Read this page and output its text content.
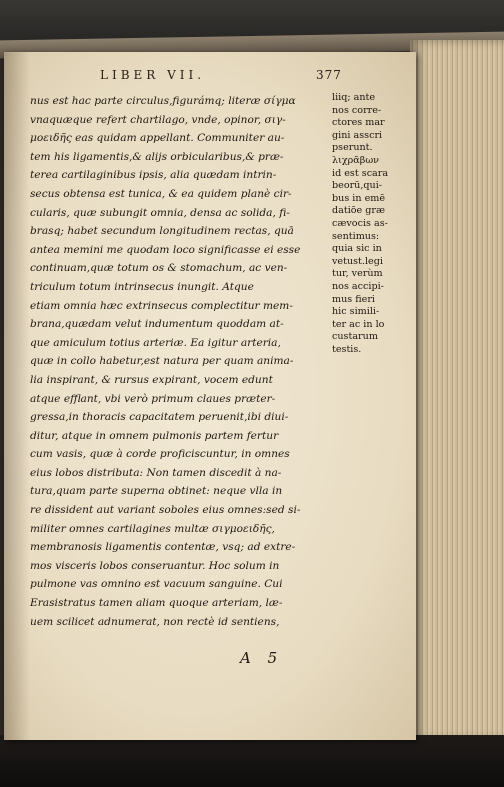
LIBER VII.	377
nus est hac parte circulus,figurámq; literæ σίγμα
vnaquæque refert chartilago, vnde, opinor, σιγ-
μοειδῆς eas quidam appellant. Communiter au-
tem his ligamentis,& alijs orbicularibus,& præ-
terea cartilaginibus ipsis, alia quædam intrin-
secus obtensa est tunica, & ea quidem planè cir-
cularis, quæ subungit omnia, densa ac solida, fi-
brasq; habet secundum longitudinem rectas, quā
antea memini me quodam loco significasse ei esse
continuam,quæ totum os & stomachum, ac ven-
triculum totum intrinsecus inungit. Atque
etiam omnia hæc extrinsecus complectitur mem-
brana,quædam velut indumentum quoddam at-
que amiculum totius arteriæ. Ea igitur arteria,
quæ in collo habetur,est natura per quam anima-
lia inspirant, & rursus expirant, vocem edunt
atque efflant, vbi verò primum claues præter-
gressa,in thoracis capacitatem peruenit,ibi diui-
ditur, atque in omnem pulmonis partem fertur
cum vasis, quæ à corde proficiscuntur, in omnes
eius lobos distributa: Non tamen discedit à na-
tura,quam parte superna obtinet: neque vlla in
re dissident aut variant soboles eius omnes:sed si-
militer omnes cartilagines multæ σιγμοειδῆς,
membranosis ligamentis contentæ, vsq; ad extre-
mos visceris lobos conseruantur. Hoc solum in
pulmone vas omnino est vacuum sanguine. Cui
Erasistratus tamen aliam quoque arteriam, læ-
uem scilicet adnumerat, non rectè id sentiens,
liiq; ante
nos corre-
ctores mar
gini asscri
pserunt.
λιχρᾶβων
id est scara
beorū,qui-
bus in emē
datiōe græ
cævocis as-
sentimus:
quia sic in
vetust.legi
tur, verùm
nos accipi-
mus fieri
hic simili-
ter ac in lo
custarum
testis.
A 5
